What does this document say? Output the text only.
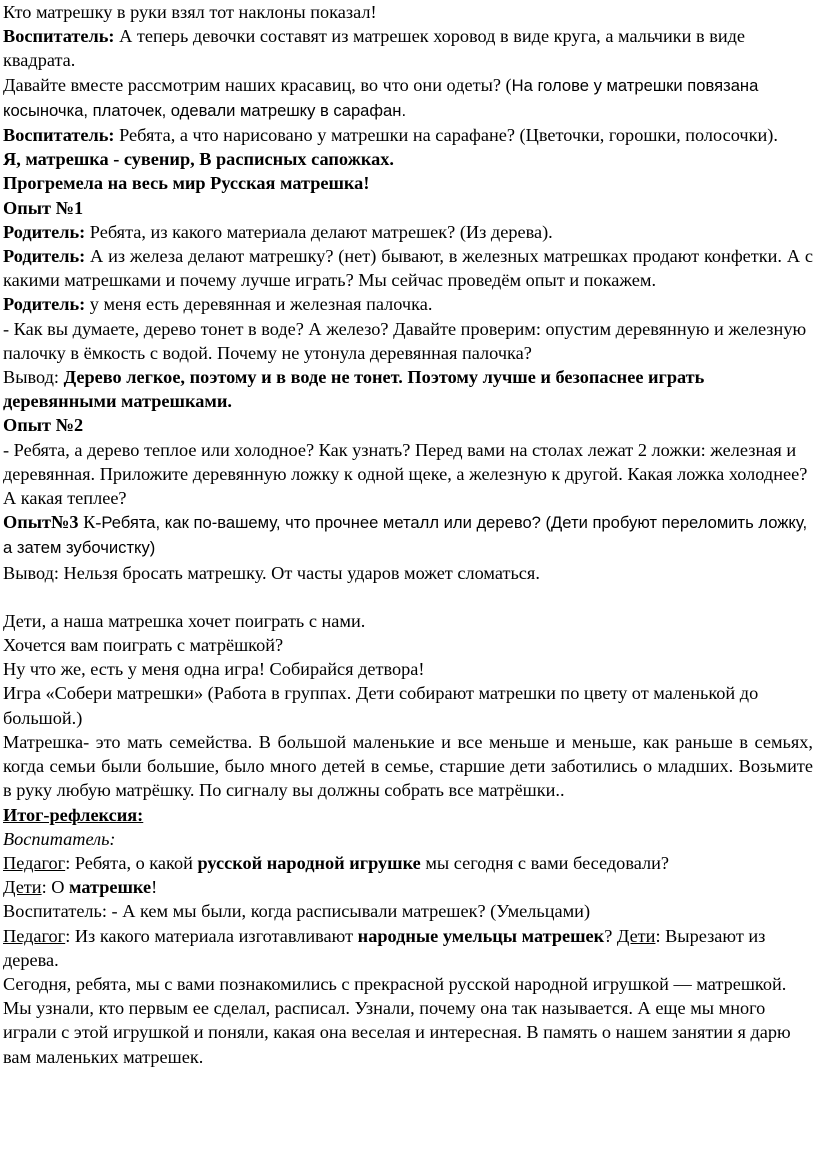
Кто матрешку в руки взял тот наклоны показал!

Воспитатель: А теперь девочки составят из матрешек хоровод в виде круга, а мальчики в виде квадрата.

Давайте вместе рассмотрим наших красавиц, во что они одеты? (На голове у матрешки повязана косыночка, платочек, одевали матрешку в сарафан.

Воспитатель: Ребята, а что нарисовано у матрешки на сарафане? (Цветочки, горошки, полосочки).

Я, матрешка - сувенир, В расписных сапожках.

Прогремела на весь мир Русская матрешка!

Опыт №1

Родитель: Ребята, из какого материала делают матрешек? (Из дерева).

Родитель: А из железа делают матрешку? (нет) бывают, в железных матрешках продают конфетки. А с какими матрешками и почему лучше играть? Мы сейчас проведём опыт и покажем.

Родитель: у меня есть деревянная и железная палочка.

- Как вы думаете, дерево тонет в воде? А железо? Давайте проверим: опустим деревянную и железную палочку в ёмкость с водой. Почему не утонула деревянная палочка?

Вывод: Дерево легкое, поэтому и в воде не тонет. Поэтому лучше и безопаснее играть деревянными матрешками.

Опыт №2

- Ребята, а дерево теплое или холодное? Как узнать? Перед вами на столах лежат 2 ложки: железная и деревянная. Приложите деревянную ложку к одной щеке, а железную к другой. Какая ложка холоднее? А какая теплее?

Опыт№3 К-Ребята, как по-вашему, что прочнее металл или дерево? (Дети пробуют переломить ложку, а затем зубочистку)

Вывод: Нельзя бросать матрешку. От часты ударов может сломаться.

Дети, а наша матрешка хочет поиграть с нами.

Хочется вам поиграть с матрёшкой?

Ну что же, есть у меня одна игра! Собирайся детвора!

Игра «Собери матрешки» (Работа в группах. Дети собирают матрешки по цвету от маленькой до большой.)

Матрешка- это мать семейства. В большой маленькие и все меньше и меньше, как раньше в семьях, когда семьи были большие, было много детей в семье, старшие дети заботились о младших. Возьмите в руку любую матрёшку. По сигналу вы должны собрать все матрёшки..

Итог-рефлексия:

Воспитатель:

Педагог: Ребята, о какой русской народной игрушке мы сегодня с вами беседовали?

Дети: О матрешке!

Воспитатель: - А кем мы были, когда расписывали матрешек? (Умельцами)

Педагог: Из какого материала изготавливают народные умельцы матрешек? Дети: Вырезают из дерева.

Сегодня, ребята, мы с вами познакомились с прекрасной русской народной игрушкой — матрешкой. Мы узнали, кто первым ее сделал, расписал. Узнали, почему она так называется. А еще мы много играли с этой игрушкой и поняли, какая она веселая и интересная. В память о нашем занятии я дарю вам маленьких матрешек.
